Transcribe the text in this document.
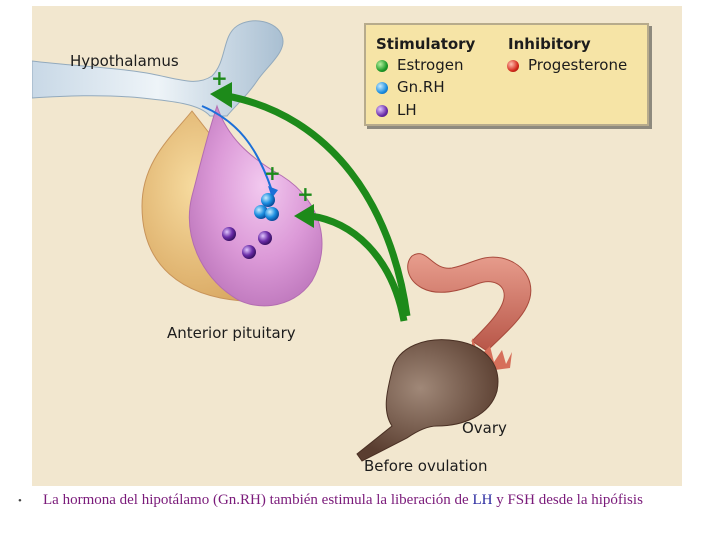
+
+
+
Hypothalamus
Anterior pituitary
Ovary
Before ovulation
Stimulatory Inhibitory
Estrogen
Gn.RH
LH
Progesterone
• La hormona del hipotálamo (Gn.RH) también estimula la liberación de LH y FSH desde la hipófisis
